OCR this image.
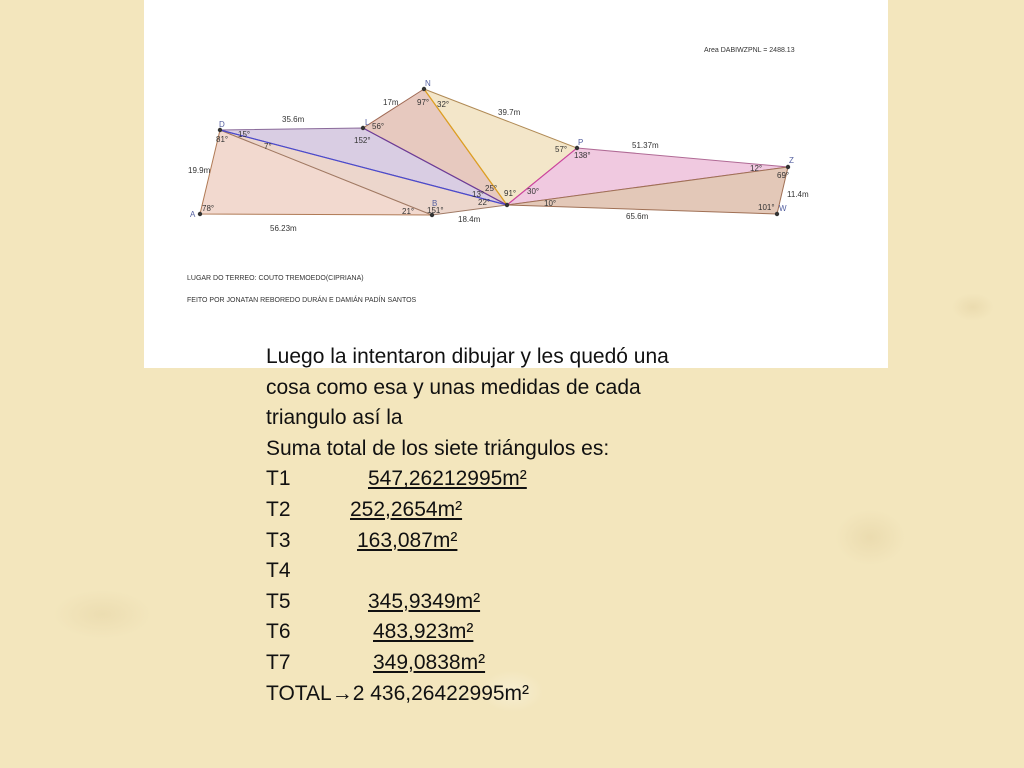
Area DABIWZPNL = 2488.13
D	L
N
P
Z
A
B
W
35.6m
17m
39.7m
51.37m
19.9m
56.23m
18.4m	65.6m
11.4m
81°
15°
7°
56°
152°
97° 32°
57°
138°
12°
69°
78°	21° 151°
13°
25°
22°
91° 30°
10°	101°
LUGAR DO TERREO: COUTO TREMOEDO(CIPRIANA)
FEITO POR JONATAN REBOREDO DURÁN E DAMIÁN PADÍN SANTOS
Luego la intentaron dibujar y les quedó una
cosa como esa y unas medidas de cada
triangulo así la
Suma total de los siete triángulos es:
T1	547,26212995m²
T2	252,2654m²
T3	163,087m²
T4
T5	345,9349m²
T6	483,923m²
T7	349,0838m²
TOTAL→2 436,26422995m²
